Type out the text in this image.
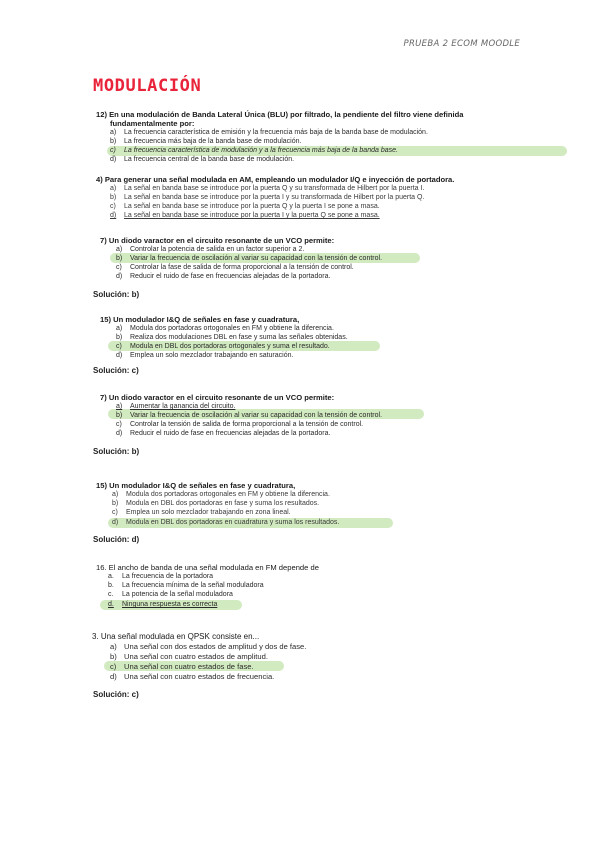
PRUEBA 2 ECOM MOODLE
MODULACIÓN
12) En una modulación de Banda Lateral Única (BLU) por filtrado, la pendiente del filtro viene definida
fundamentalmente por:
a) La frecuencia característica de emisión y la frecuencia más baja de la banda base de modulación.
b) La frecuencia más baja de la banda base de modulación.
c) La frecuencia característica de modulación y a la frecuencia más baja de la banda base.
d) La frecuencia central de la banda base de modulación.
4) Para generar una señal modulada en AM, empleando un modulador I/Q e inyección de portadora.
a) La señal en banda base se introduce por la puerta Q y su transformada de Hilbert por la puerta I.
b) La señal en banda base se introduce por la puerta I y su transformada de Hilbert por la puerta Q.
c) La señal en banda base se introduce por la puerta Q y la puerta I se pone a masa.
d) La señal en banda base se introduce por la puerta I y la puerta Q se pone a masa.
7) Un diodo varactor en el circuito resonante de un VCO permite:
a) Controlar la potencia de salida en un factor superior a 2.
b) Variar la frecuencia de oscilación al variar su capacidad con la tensión de control.
c) Controlar la fase de salida de forma proporcional a la tensión de control.
d) Reducir el ruido de fase en frecuencias alejadas de la portadora.
Solución: b)
15) Un modulador I&Q de señales en fase y cuadratura,
a) Modula dos portadoras ortogonales en FM y obtiene la diferencia.
b) Realiza dos modulaciones DBL en fase y suma las señales obtenidas.
c) Modula en DBL dos portadoras ortogonales y suma el resultado.
d) Emplea un solo mezclador trabajando en saturación.
Solución: c)
7) Un diodo varactor en el circuito resonante de un VCO permite:
a) Aumentar la ganancia del circuito.
b) Variar la frecuencia de oscilación al variar su capacidad con la tensión de control.
c) Controlar la tensión de salida de forma proporcional a la tensión de control.
d) Reducir el ruido de fase en frecuencias alejadas de la portadora.
Solución: b)
15) Un modulador I&Q de señales en fase y cuadratura,
a) Modula dos portadoras ortogonales en FM y obtiene la diferencia.
b) Modula en DBL dos portadoras en fase y suma los resultados.
c) Emplea un solo mezclador trabajando en zona lineal.
d) Modula en DBL dos portadoras en cuadratura y suma los resultados.
Solución: d)
16. El ancho de banda de una señal modulada en FM depende de
a. La frecuencia de la portadora
b. La frecuencia mínima de la señal moduladora
c. La potencia de la señal moduladora
d. Ninguna respuesta es correcta
3. Una señal modulada en QPSK consiste en...
a) Una señal con dos estados de amplitud y dos de fase.
b) Una señal con cuatro estados de amplitud.
c) Una señal con cuatro estados de fase.
d) Una señal con cuatro estados de frecuencia.
Solución: c)
